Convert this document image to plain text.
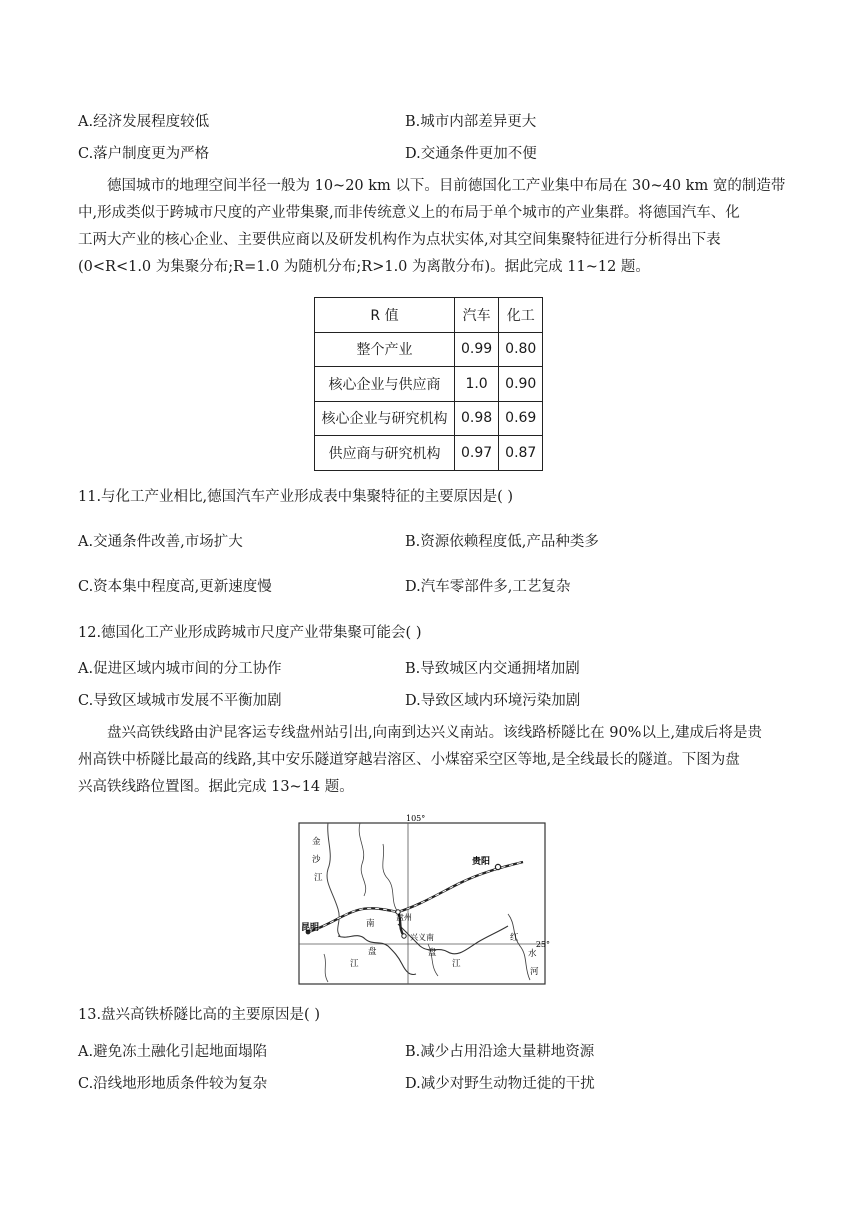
A.经济发展程度较低	B.城市内部差异更大
C.落户制度更为严格	D.交通条件更加不便
德国城市的地理空间半径一般为 10~20 km 以下。目前德国化工产业集中布局在 30~40 km 宽的制造带
中,形成类似于跨城市尺度的产业带集聚,而非传统意义上的布局于单个城市的产业集群。将德国汽车、化
工两大产业的核心企业、主要供应商以及研发机构作为点状实体,对其空间集聚特征进行分析得出下表
(0<R<1.0 为集聚分布;R=1.0 为随机分布;R>1.0 为离散分布)。据此完成 11~12 题。
R 值	汽车	化工
整个产业	0.99	0.80
核心企业与供应商	1.0	0.90
核心企业与研究机构	0.98	0.69
供应商与研究机构	0.97	0.87
11.与化工产业相比,德国汽车产业形成表中集聚特征的主要原因是( )
A.交通条件改善,市场扩大	B.资源依赖程度低,产品种类多
C.资本集中程度高,更新速度慢	D.汽车零部件多,工艺复杂
12.德国化工产业形成跨城市尺度产业带集聚可能会( )
A.促进区域内城市间的分工协作	B.导致城区内交通拥堵加剧
C.导致区域城市发展不平衡加剧	D.导致区域内环境污染加剧
盘兴高铁线路由沪昆客运专线盘州站引出,向南到达兴义南站。该线路桥隧比在 90%以上,建成后将是贵
州高铁中桥隧比最高的线路,其中安乐隧道穿越岩溶区、小煤窑采空区等地,是全线最长的隧道。下图为盘
兴高铁线路位置图。据此完成 13~14 题。
105°
25°
贵阳
昆明
盘州
兴义南
金
沙
江
南
盘
江
盘
江
红
水
河
13.盘兴高铁桥隧比高的主要原因是( )
A.避免冻土融化引起地面塌陷	B.减少占用沿途大量耕地资源
C.沿线地形地质条件较为复杂	D.减少对野生动物迁徙的干扰
